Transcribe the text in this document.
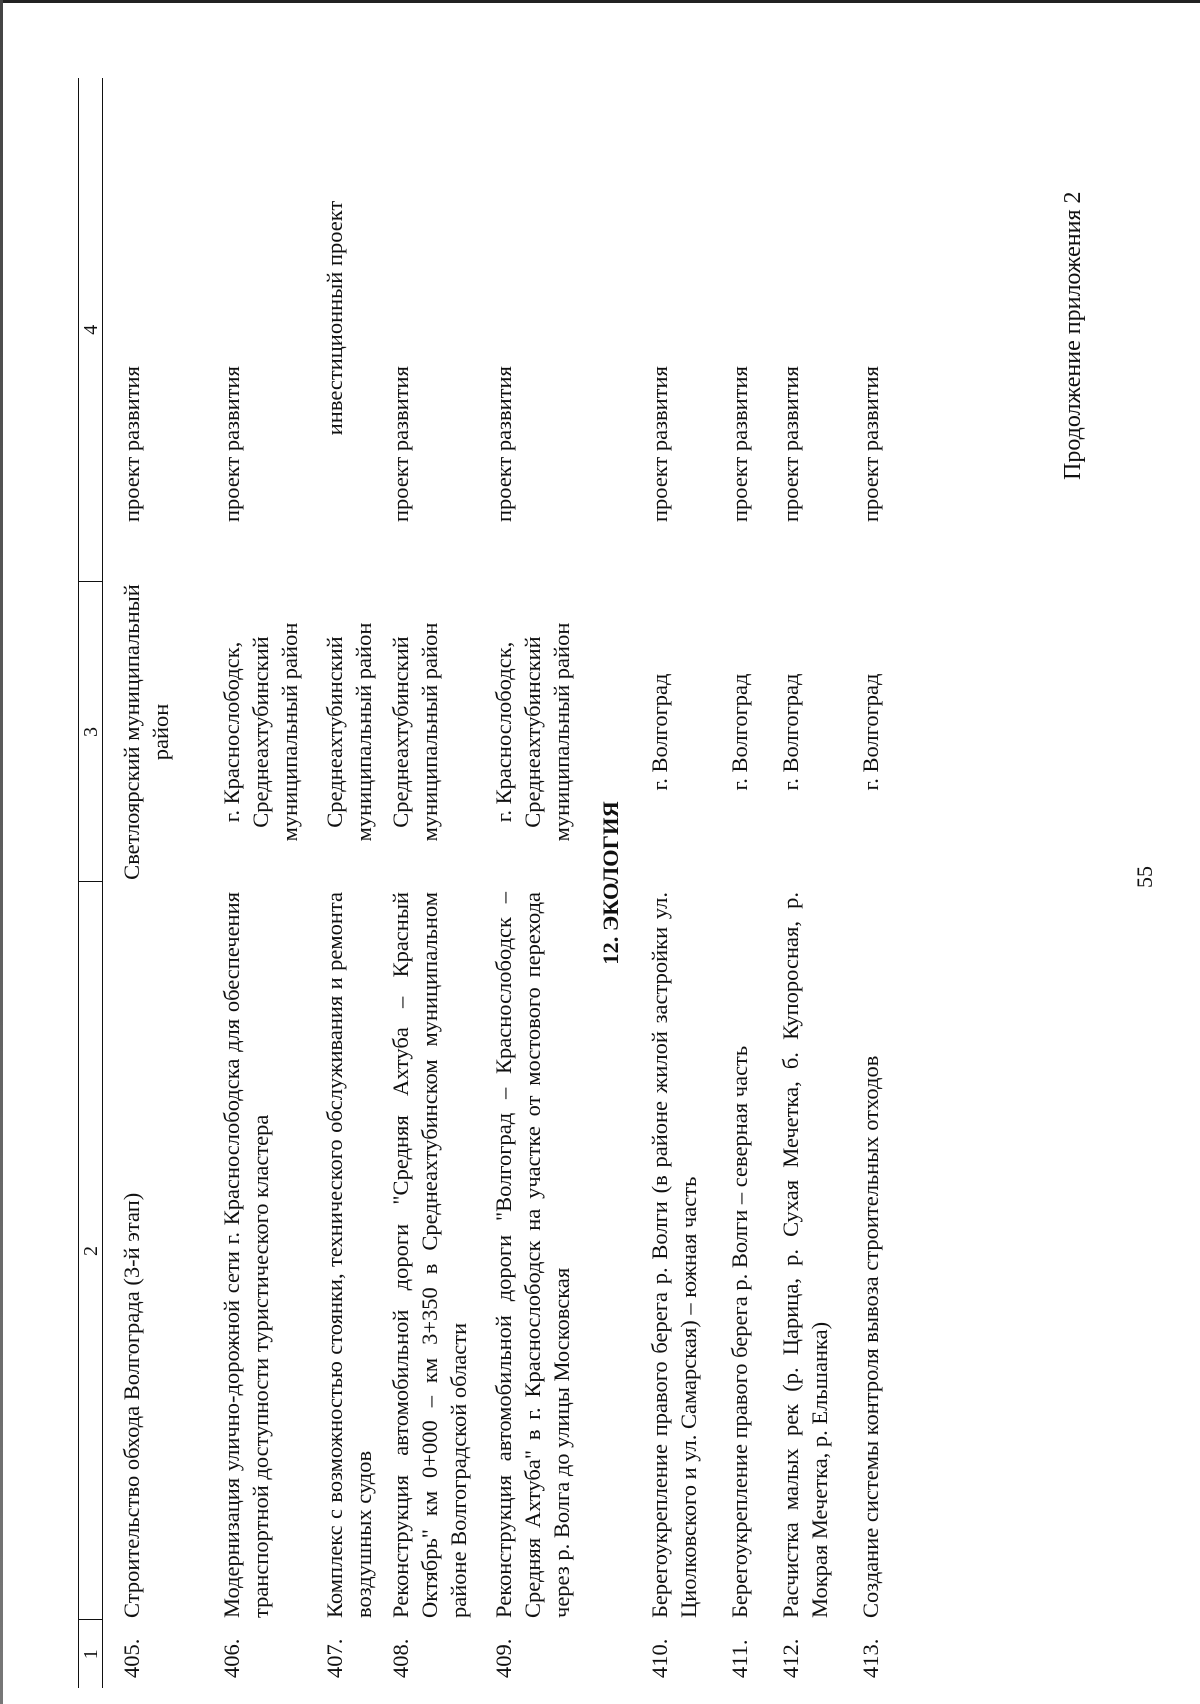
55
Продолжение приложения 2
1	2	3	4

405.	Строительство обхода Волгограда (3-й этап)	Светлоярский муниципальный район	проект развития

406.	Модернизация улично-дорожной сети г. Краснослободска для обеспечения транспортной доступности туристического кластера	г. Краснослободск, Среднеахтубинский муниципальный район	проект развития

407.	Комплекс с возможностью стоянки, технического обслуживания и ремонта воздушных судов	Среднеахтубинский муниципальный район	инвестиционный проект

408.	Реконструкция автомобильной дороги "Средняя Ахтуба – Красный Октябрь" км 0+000 – км 3+350 в Среднеахтубинском муниципальном районе Волгоградской области	Среднеахтубинский муниципальный район	проект развития

409.	Реконструкция автомобильной дороги "Волгоград – Краснослободск – Средняя Ахтуба" в г. Краснослободск на участке от мостового перехода через р. Волга до улицы Московская	г. Краснослободск, Среднеахтубинский муниципальный район	проект развития
12. ЭКОЛОГИЯ			
410.	Берегоукрепление правого берега р. Волги (в районе жилой застройки ул. Циолковского и ул. Самарская) – южная часть	г. Волгоград	проект развития

411.	Берегоукрепление правого берега р. Волги – северная часть	г. Волгоград	проект развития

412.	Расчистка малых рек (р. Царица, р. Сухая Мечетка, б. Купоросная, р. Мокрая Мечетка, р. Ельшанка)	г. Волгоград	проект развития

413.	Создание системы контроля вывоза строительных отходов	г. Волгоград	проект развития
